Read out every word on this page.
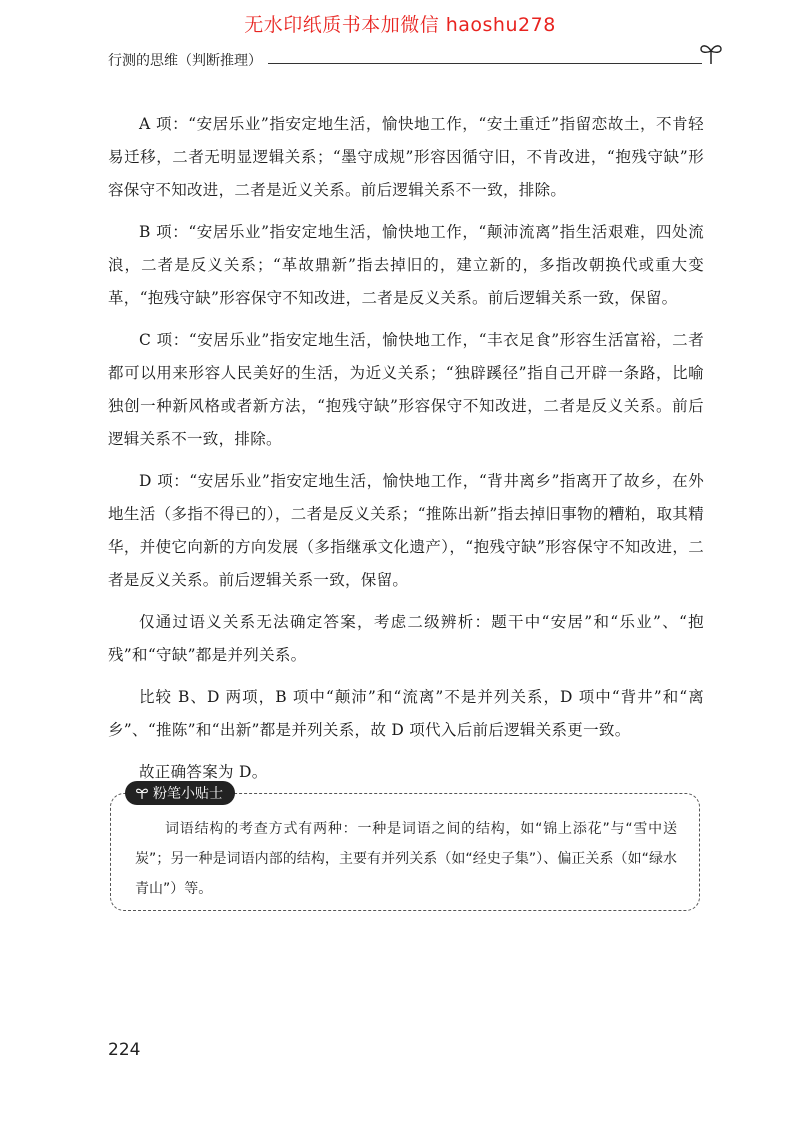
无水印纸质书本加微信 haoshu278
行测的思维（判断推理）

A 项：“安居乐业”指安定地生活，愉快地工作，“安土重迁”指留恋故土，不肯轻易迁移，二者无明显逻辑关系；“墨守成规”形容因循守旧，不肯改进，“抱残守缺”形容保守不知改进，二者是近义关系。前后逻辑关系不一致，排除。

B 项：“安居乐业”指安定地生活，愉快地工作，“颠沛流离”指生活艰难，四处流浪，二者是反义关系；“革故鼎新”指去掉旧的，建立新的，多指改朝换代或重大变革，“抱残守缺”形容保守不知改进，二者是反义关系。前后逻辑关系一致，保留。

C 项：“安居乐业”指安定地生活，愉快地工作，“丰衣足食”形容生活富裕，二者都可以用来形容人民美好的生活，为近义关系；“独辟蹊径”指自己开辟一条路，比喻独创一种新风格或者新方法，“抱残守缺”形容保守不知改进，二者是反义关系。前后逻辑关系不一致，排除。

D 项：“安居乐业”指安定地生活，愉快地工作，“背井离乡”指离开了故乡，在外地生活（多指不得已的），二者是反义关系；“推陈出新”指去掉旧事物的糟粕，取其精华，并使它向新的方向发展（多指继承文化遗产），“抱残守缺”形容保守不知改进，二者是反义关系。前后逻辑关系一致，保留。

仅通过语义关系无法确定答案，考虑二级辨析：题干中“安居”和“乐业”、“抱残”和“守缺”都是并列关系。

比较 B、D 两项，B 项中“颠沛”和“流离”不是并列关系，D 项中“背井”和“离乡”、“推陈”和“出新”都是并列关系，故 D 项代入后前后逻辑关系更一致。

故正确答案为 D。

粉笔小贴士

词语结构的考查方式有两种：一种是词语之间的结构，如“锦上添花”与“雪中送炭”；另一种是词语内部的结构，主要有并列关系（如“经史子集”）、偏正关系（如“绿水青山”）等。

224
